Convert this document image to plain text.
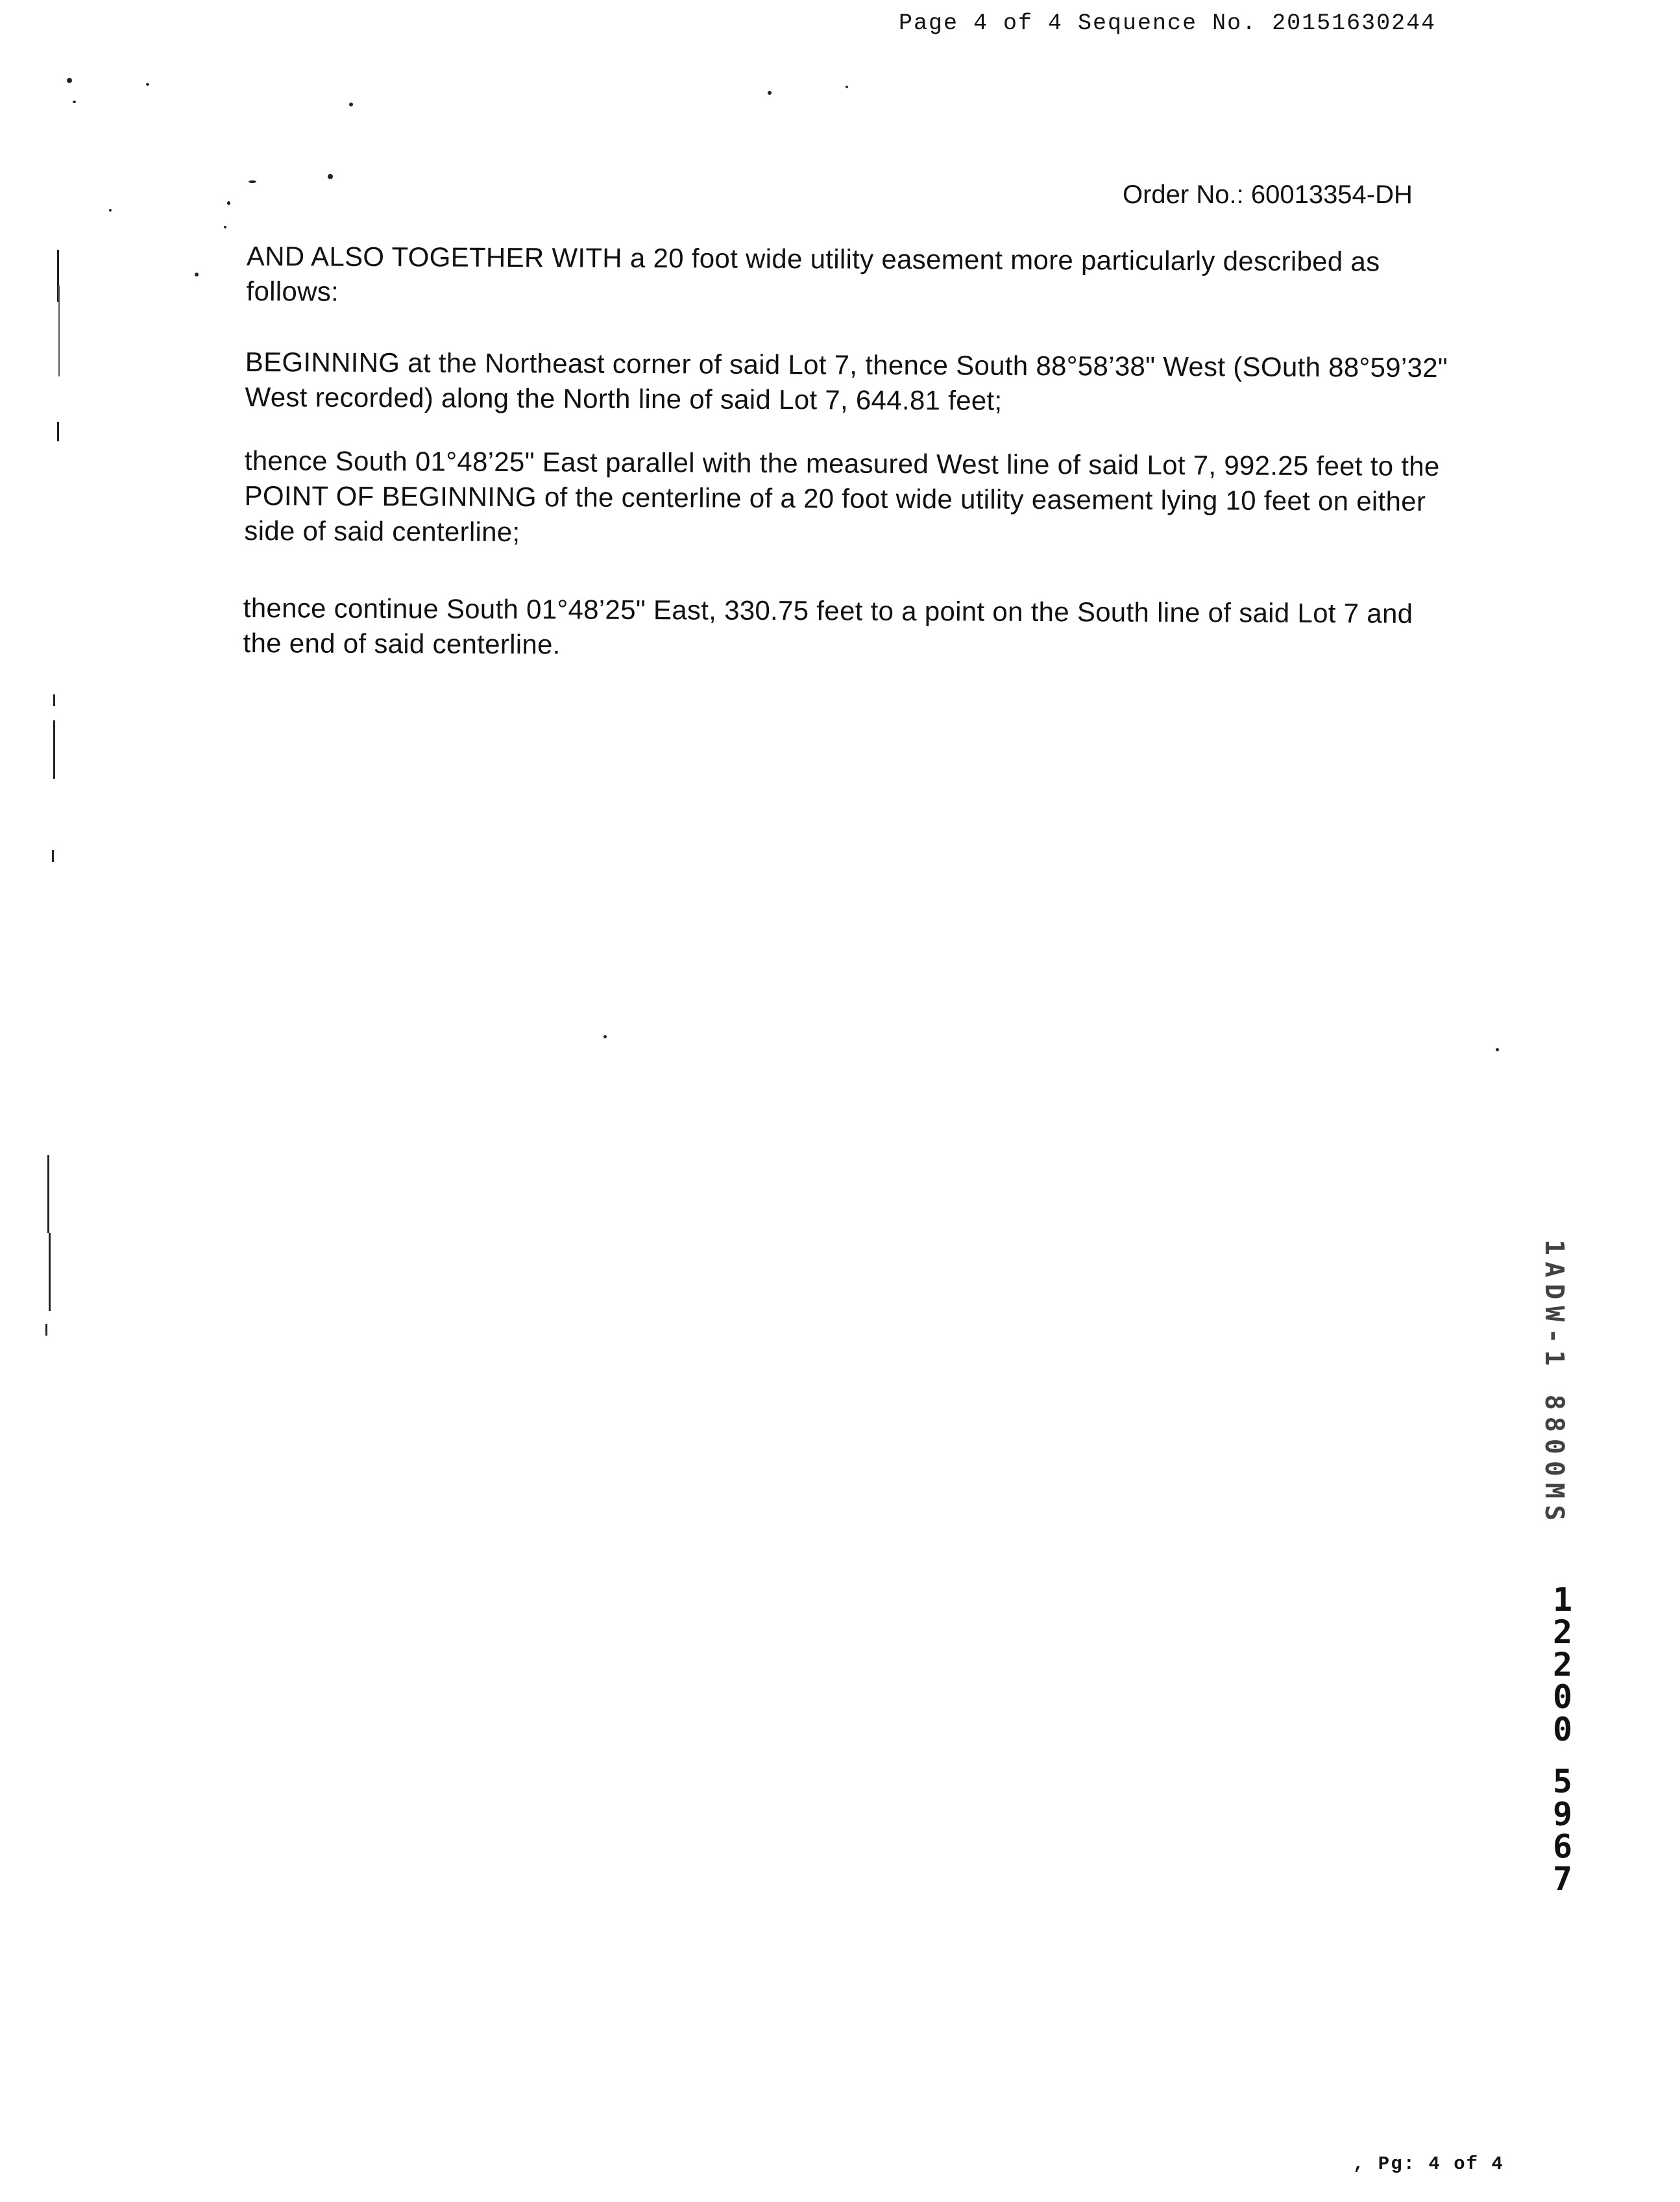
Page 4 of 4 Sequence No. 20151630244
Order No.: 60013354-DH
AND ALSO TOGETHER WITH a 20 foot wide utility easement more particularly described as follows:
BEGINNING at the Northeast corner of said Lot 7, thence South 88°58’38" West (SOuth 88°59’32" West recorded) along the North line of said Lot 7, 644.81 feet;
thence South 01°48’25" East parallel with the measured West line of said Lot 7, 992.25 feet to the POINT OF BEGINNING of the centerline of a 20 foot wide utility easement lying 10 feet on either side of said centerline;
thence continue South 01°48’25" East, 330.75 feet to a point on the South line of said Lot 7 and the end of said centerline.
1ADW-1 8800MS
1
2
2
0
0
5
9
6
7
, Pg: 4 of 4
